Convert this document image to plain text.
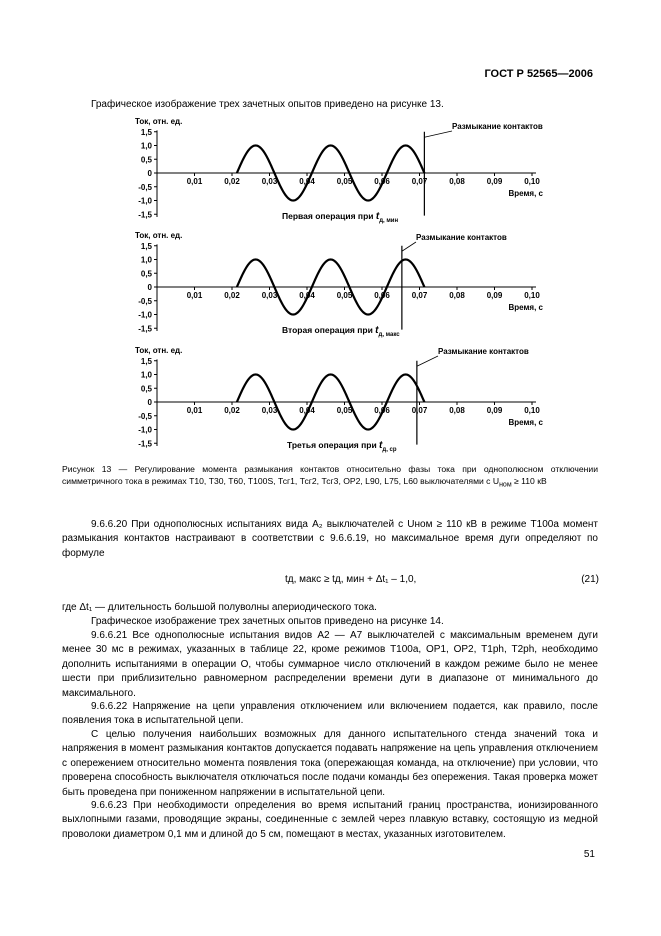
ГОСТ Р 52565—2006
Графическое изображение трех зачетных опытов приведено на рисунке 13.
Ток, отн. ед.
1,5
1,0
0,5
0
-0,5
-1,0
-1,5
0,01	0,02	0,03	0,04	0,05	0,06	0,07	0,08	0,09	0,10
Время, с
Размыкание контактов
Первая операция при $t_{д, мин}$
Ток, отн. ед.
1,5
1,0
0,5
0
-0,5
-1,0
-1,5
0,01	0,02	0,03	0,04	0,05	0,06	0,07	0,08	0,09	0,10
Время, с
Размыкание контактов
Вторая операция при $t_{д, макс}$
Ток, отн. ед.
1,5
1,0
0,5
0
-0,5
-1,0
-1,5
0,01	0,02	0,03	0,04	0,05	0,06	0,07	0,08	0,09	0,10
Время, с
Размыкание контактов
Третья операция при $t_{д, ср}$
Рисунок 13 — Регулирование момента размыкания контактов относительно фазы тока при однополюсном отключении симметричного тока в режимах Т10, Т30, Т60, Т100S, Тсг1, Тсг2, Тсг3, ОР2, L90, L75, L60 выключателями с $U_{ном} \ge 110$ кВ
9.6.6.20 При однополюсных испытаниях вида А₂ выключателей с Uном ≥ 110 кВ в режиме Т100а момент размыкания контактов настраивают в соответствии с 9.6.6.19, но максимальное время дуги определяют по формуле
tд, макс ≥ tд, мин + Δt₁ – 1,0,	(21)
где Δt₁ — длительность большой полуволны апериодического тока.
Графическое изображение трех зачетных опытов приведено на рисунке 14.
9.6.6.21 Все однополюсные испытания видов А2 — А7 выключателей с максимальным временем дуги менее 30 мс в режимах, указанных в таблице 22, кроме режимов Т100а, ОР1, ОР2, Т1ph, Т2ph, необходимо дополнить испытаниями в операции О, чтобы суммарное число отключений в каждом режиме было не менее шести при приблизительно равномерном распределении времени дуги в диапазоне от минимального до максимального.
9.6.6.22 Напряжение на цепи управления отключением или включением подается, как правило, после появления тока в испытательной цепи.
С целью получения наибольших возможных для данного испытательного стенда значений тока и напряжения в момент размыкания контактов допускается подавать напряжение на цепь управления отключением с опережением относительно момента появления тока (опережающая команда, на отключение) при условии, что проверена способность выключателя отключаться после подачи команды без опережения. Такая проверка может быть проведена при пониженном напряжении в испытательной цепи.
9.6.6.23 При необходимости определения во время испытаний границ пространства, ионизированного выхлопными газами, проводящие экраны, соединенные с землей через плавкую вставку, состоящую из медной проволоки диаметром 0,1 мм и длиной до 5 см, помещают в местах, указанных изготовителем.
51
